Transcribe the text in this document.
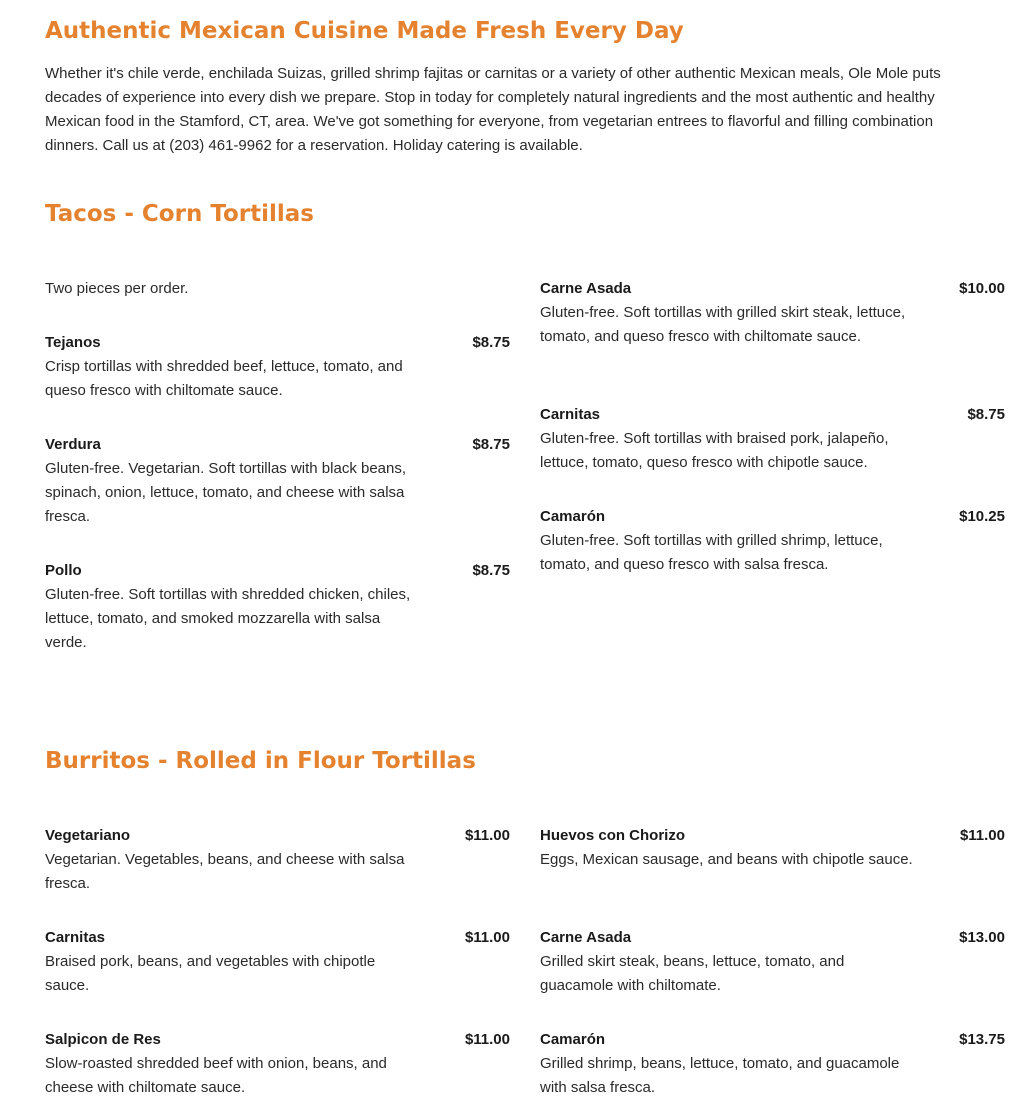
Authentic Mexican Cuisine Made Fresh Every Day

Whether it's chile verde, enchilada Suizas, grilled shrimp fajitas or carnitas or a variety of other authentic Mexican meals, Ole Mole puts decades of experience into every dish we prepare. Stop in today for completely natural ingredients and the most authentic and healthy Mexican food in the Stamford, CT, area. We've got something for everyone, from vegetarian entrees to flavorful and filling combination dinners. Call us at (203) 461-9962 for a reservation. Holiday catering is available.

Tacos - Corn Tortillas

Two pieces per order.

Tejanos	$8.75

Crisp tortillas with shredded beef, lettuce, tomato, and queso fresco with chiltomate sauce.

Verdura	$8.75

Gluten-free. Vegetarian. Soft tortillas with black beans, spinach, onion, lettuce, tomato, and cheese with salsa fresca.

Pollo	$8.75

Gluten-free. Soft tortillas with shredded chicken, chiles, lettuce, tomato, and smoked mozzarella with salsa verde.

Carne Asada	$10.00

Gluten-free. Soft tortillas with grilled skirt steak, lettuce, tomato, and queso fresco with chiltomate sauce.

Carnitas	$8.75

Gluten-free. Soft tortillas with braised pork, jalapeño, lettuce, tomato, queso fresco with chipotle sauce.

Camarón	$10.25

Gluten-free. Soft tortillas with grilled shrimp, lettuce, tomato, and queso fresco with salsa fresca.

Burritos - Rolled in Flour Tortillas
Vegetariano	$11.00

Vegetarian. Vegetables, beans, and cheese with salsa fresca.

Carnitas	$11.00

Braised pork, beans, and vegetables with chipotle sauce.

Salpicon de Res	$11.00

Slow-roasted shredded beef with onion, beans, and cheese with chiltomate sauce.

Huevos con Chorizo	$11.00

Eggs, Mexican sausage, and beans with chipotle sauce.

Carne Asada	$13.00

Grilled skirt steak, beans, lettuce, tomato, and guacamole with chiltomate.

Camarón	$13.75

Grilled shrimp, beans, lettuce, tomato, and guacamole with salsa fresca.
